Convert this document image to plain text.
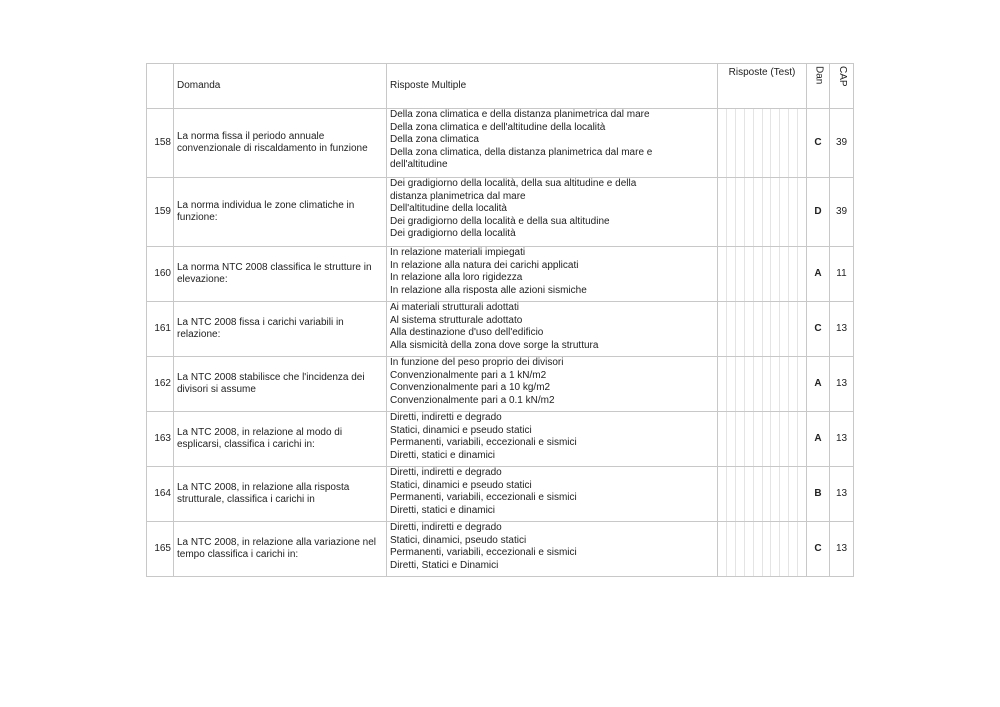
	Domanda	Risposte Multiple	Risposte (Test)	Dan	CAP
158	La norma fissa il periodo annuale convenzionale di riscaldamento in funzione	Della zona climatica e della distanza planimetrica dal mare
Della zona climatica e dell'altitudine della località
Della zona climatica
Della zona climatica, della distanza planimetrica dal mare e
dell'altitudine		C	39
159	La norma individua le zone climatiche in funzione:	Dei gradigiorno della località, della sua altitudine e della
distanza planimetrica dal mare
Dell'altitudine della località
Dei gradigiorno della località e della sua altitudine
Dei gradigiorno della località		D	39
160	La norma NTC 2008 classifica le strutture in elevazione:	In relazione materiali impiegati
In relazione alla natura dei carichi applicati
In relazione alla loro rigidezza
In relazione alla risposta alle azioni sismiche		A	11
161	La NTC 2008 fissa i carichi variabili in relazione:	Ai materiali strutturali adottati
Al sistema strutturale adottato
Alla destinazione d'uso dell'edificio
Alla sismicità della zona dove sorge la struttura		C	13
162	La NTC 2008 stabilisce che l'incidenza dei divisori si assume	In funzione del peso proprio dei divisori
Convenzionalmente pari a 1 kN/m2
Convenzionalmente pari a 10 kg/m2
Convenzionalmente pari a 0.1 kN/m2		A	13
163	La NTC 2008, in relazione al modo di esplicarsi, classifica i carichi in:	Diretti, indiretti e degrado
Statici, dinamici e pseudo statici
Permanenti, variabili, eccezionali e sismici
Diretti, statici e dinamici		A	13
164	La NTC 2008, in relazione alla risposta strutturale, classifica i carichi in	Diretti, indiretti e degrado
Statici, dinamici e pseudo statici
Permanenti, variabili, eccezionali e sismici
Diretti, statici e dinamici		B	13
165	La NTC 2008, in relazione alla variazione nel tempo classifica i carichi in:	Diretti, indiretti e degrado
Statici, dinamici, pseudo statici
Permanenti, variabili, eccezionali e sismici
Diretti, Statici e Dinamici		C	13
